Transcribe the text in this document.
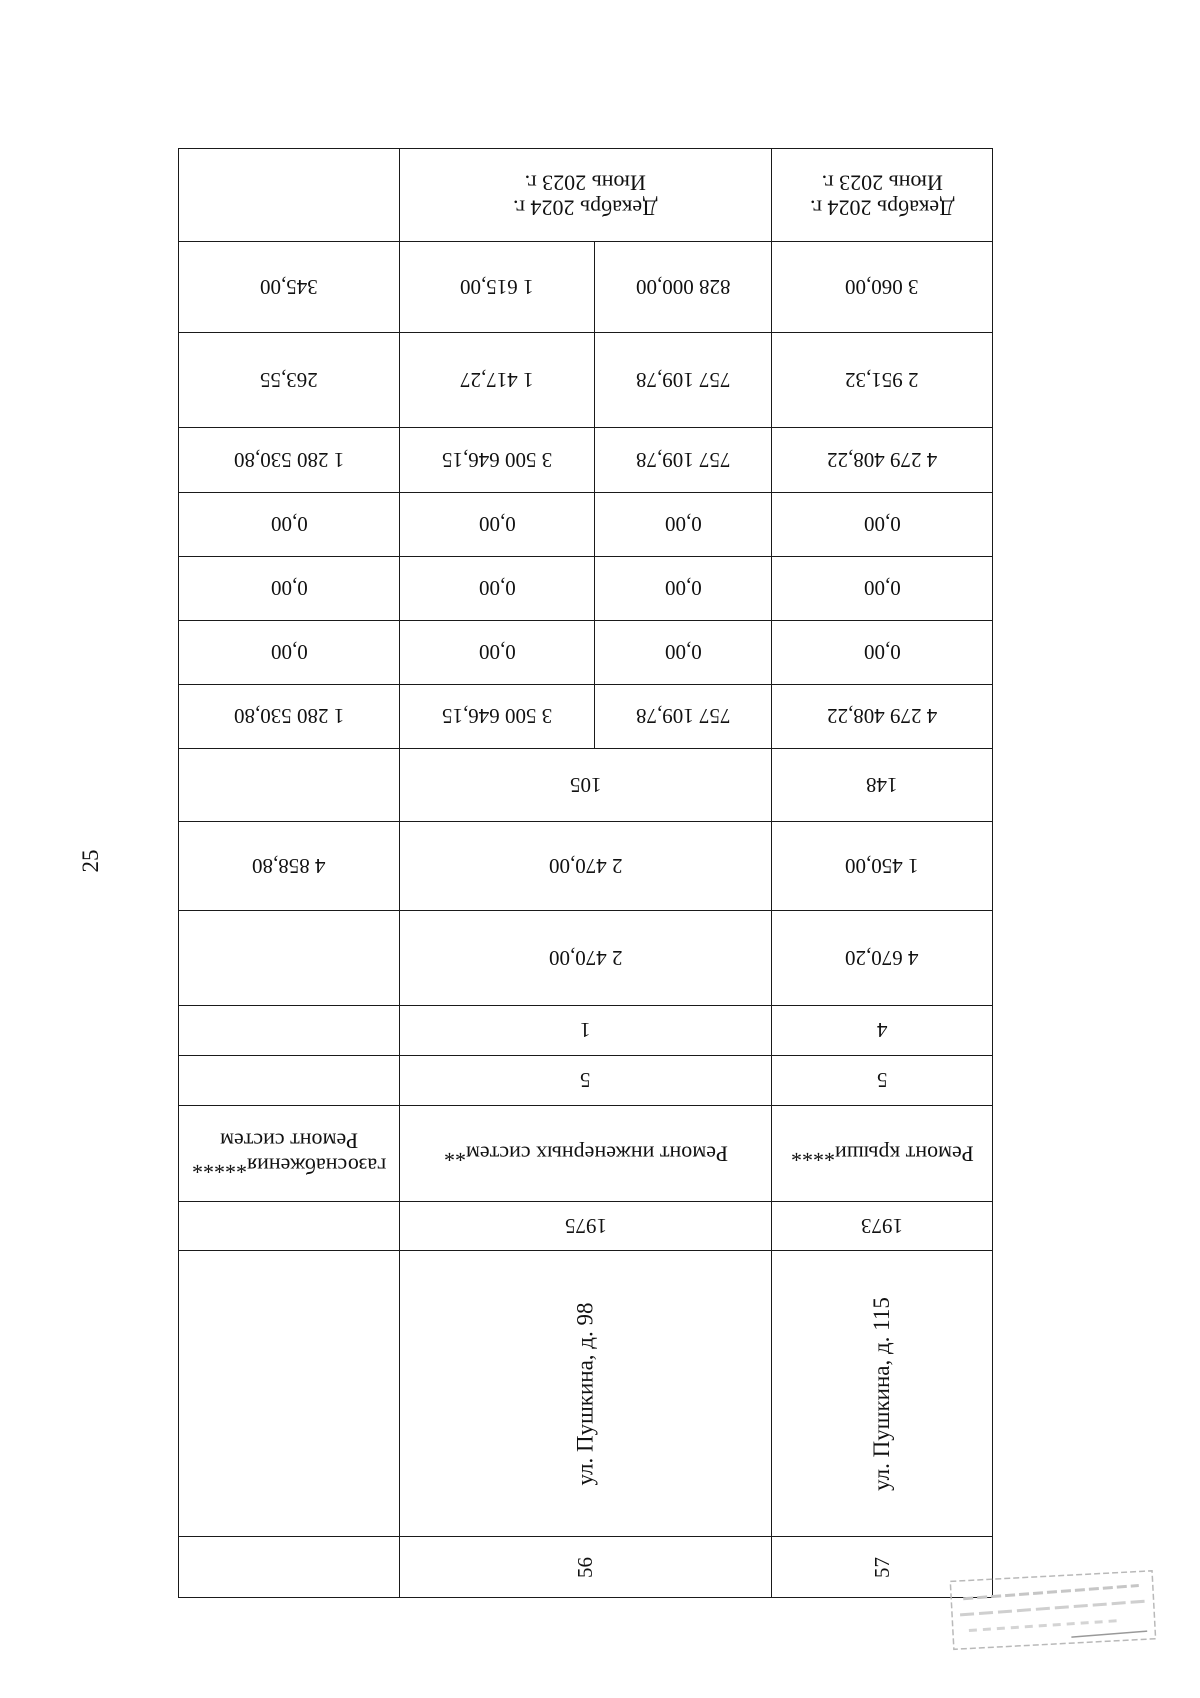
25
Декабрь 2024 г.
Июнь 2023 г.
3 060,00
2 951,32
4 279 408,22
0,00
0,00
0,00
4 279 408,22
148
1 450,00
4 670,20
4
5
Ремонт крыши****
1973
ул. Пушкина, д. 115
57
Декабрь 2024 г.
Июнь 2023 г.
828 000,00
1 615,00
757 109,78
1 417,27
757 109,78
3 500 646,15
0,00
0,00
0,00
0,00
0,00
0,00
757 109,78
3 500 646,15
105
2 470,00
2 470,00
1
5
Ремонт инженерных систем**
1975
ул. Пушкина, д. 98
56
345,00
263,55
1 280 530,80
0,00
0,00
0,00
1 280 530,80
4 858,80
газоснабжения*****
Ремонт систем
